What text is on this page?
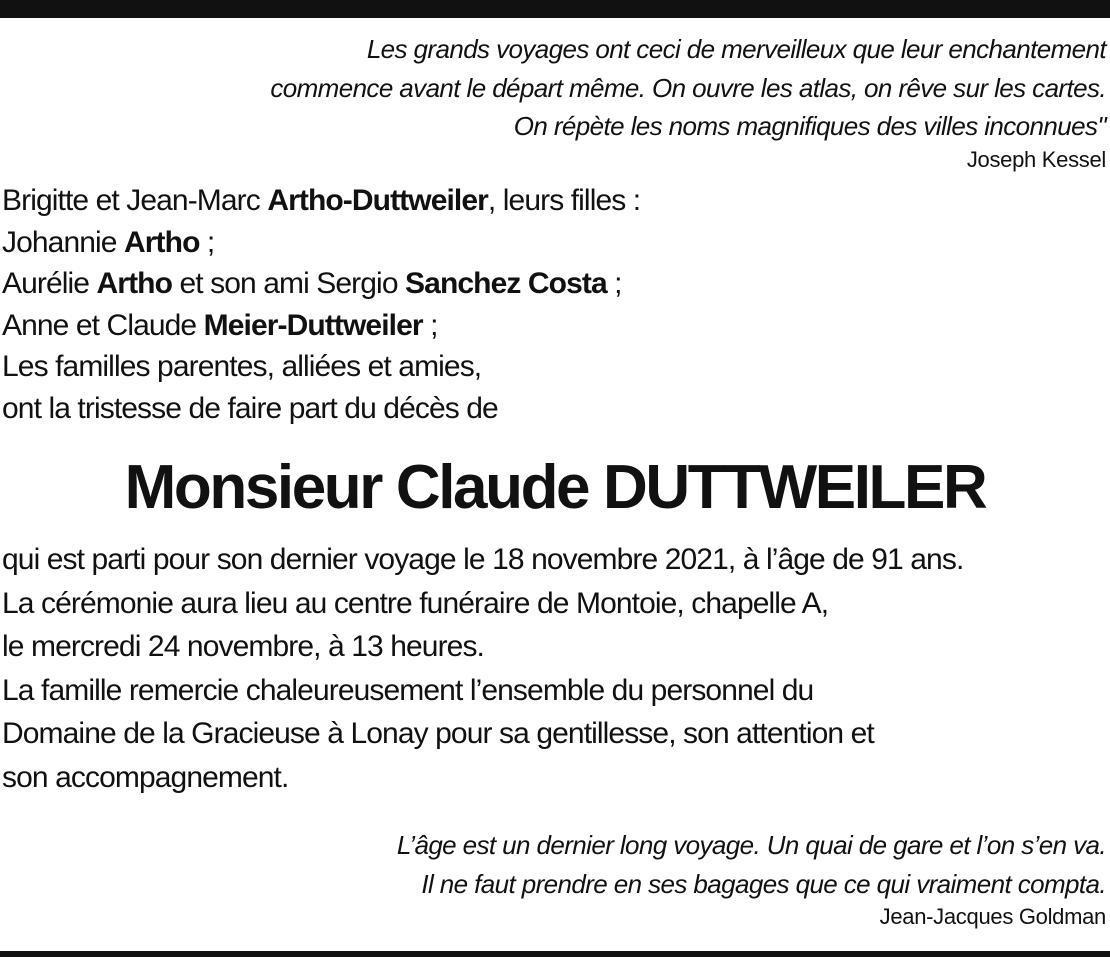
Les grands voyages ont ceci de merveilleux que leur enchantement
commence avant le départ même. On ouvre les atlas, on rêve sur les cartes.
On répète les noms magnifiques des villes inconnues"
Joseph Kessel
Brigitte et Jean-Marc Artho-Duttweiler, leurs filles :
Johannie Artho ;
Aurélie Artho et son ami Sergio Sanchez Costa ;
Anne et Claude Meier-Duttweiler ;
Les familles parentes, alliées et amies,
ont la tristesse de faire part du décès de
Monsieur Claude DUTTWEILER
qui est parti pour son dernier voyage le 18 novembre 2021, à l’âge de 91 ans.
La cérémonie aura lieu au centre funéraire de Montoie, chapelle A,
le mercredi 24 novembre, à 13 heures.
La famille remercie chaleureusement l’ensemble du personnel du
Domaine de la Gracieuse à Lonay pour sa gentillesse, son attention et
son accompagnement.
L’âge est un dernier long voyage. Un quai de gare et l’on s’en va.
Il ne faut prendre en ses bagages que ce qui vraiment compta.
Jean-Jacques Goldman
